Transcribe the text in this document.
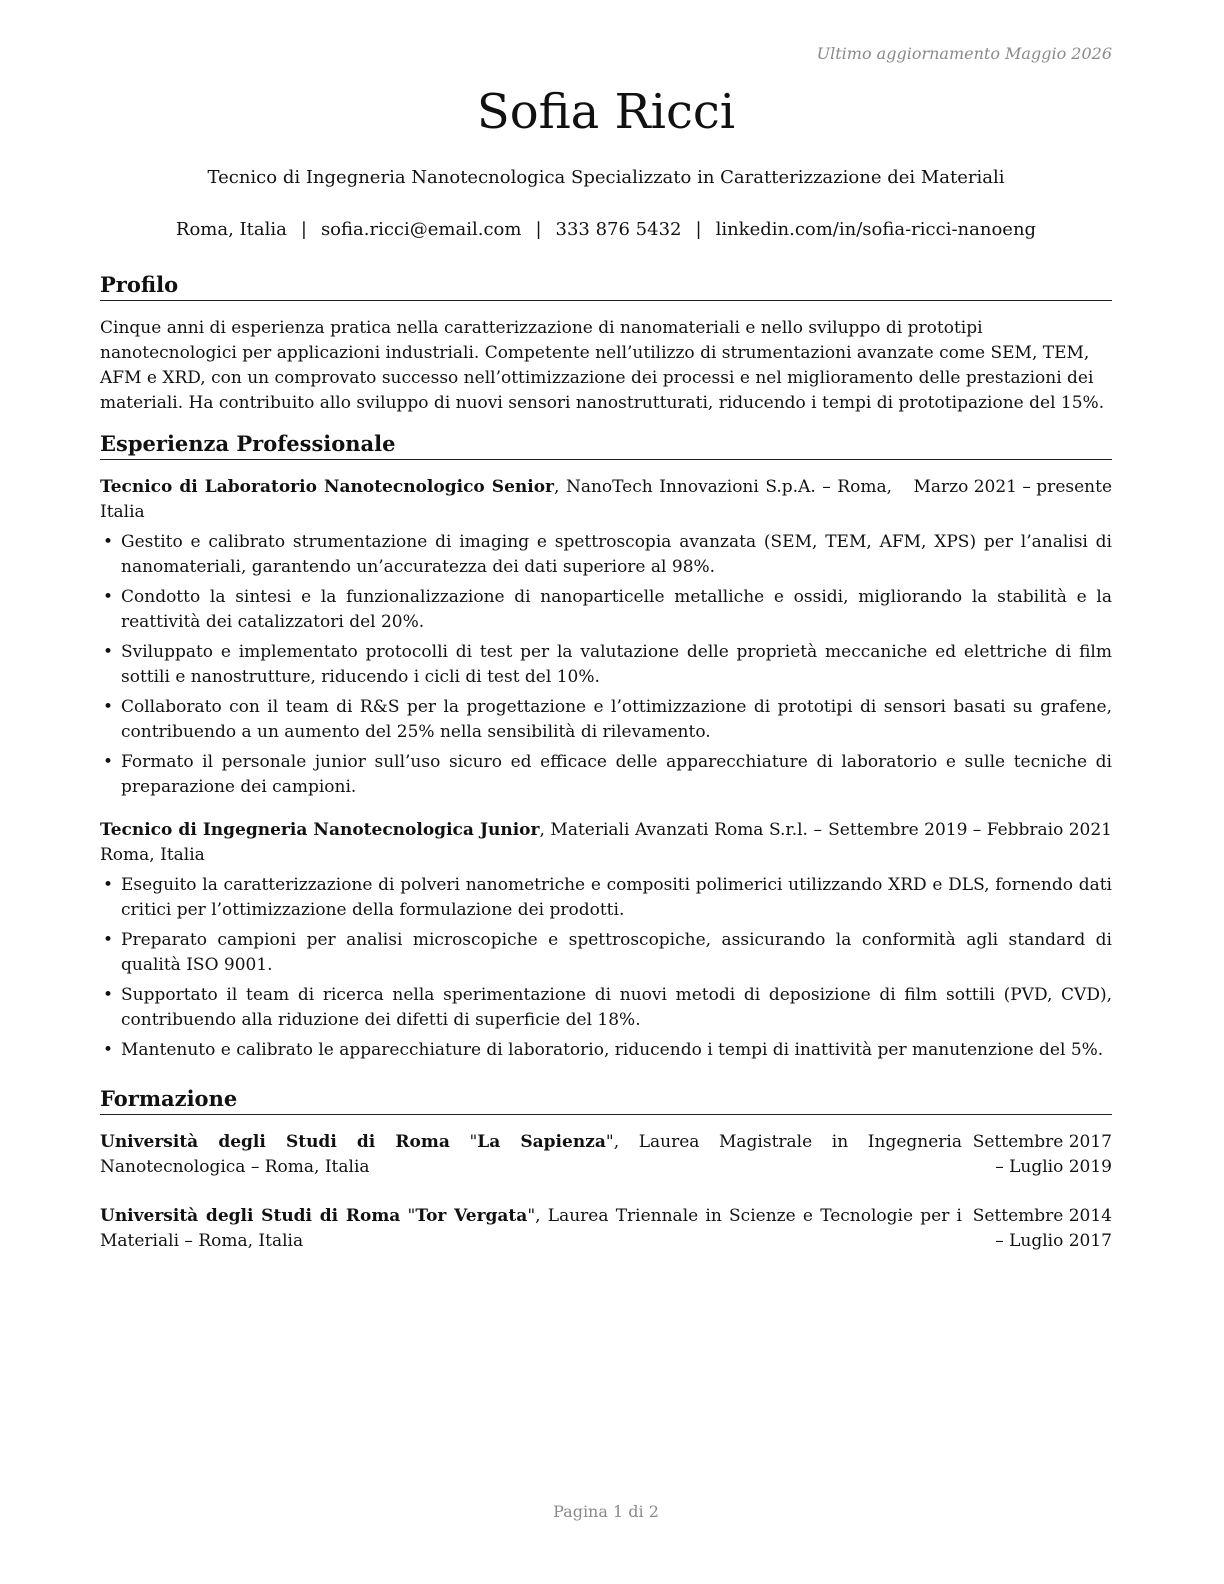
Ultimo aggiornamento Maggio 2026
Sofia Ricci
Tecnico di Ingegneria Nanotecnologica Specializzato in Caratterizzazione dei Materiali
Roma, Italia | sofia.ricci@email.com | 333 876 5432 | linkedin.com/in/sofia-ricci-nanoeng
Profilo

Cinque anni di esperienza pratica nella caratterizzazione di nanomateriali e nello sviluppo di prototipi nanotecnologici per applicazioni industriali. Competente nell’utilizzo di strumentazioni avanzate come SEM, TEM, AFM e XRD, con un comprovato successo nell’ottimizzazione dei processi e nel miglioramento delle prestazioni dei materiali. Ha contribuito allo sviluppo di nuovi sensori nanostrutturati, riducendo i tempi di prototipazione del 15%.

Esperienza Professionale
Tecnico di Laboratorio Nanotecnologico Senior, NanoTech Innovazioni S.p.A. – Roma, Italia
Marzo 2021 – presente
• Gestito e calibrato strumentazione di imaging e spettroscopia avanzata (SEM, TEM, AFM, XPS) per l’analisi di nanomateriali, garantendo un’accuratezza dei dati superiore al 98%.
• Condotto la sintesi e la funzionalizzazione di nanoparticelle metalliche e ossidi, migliorando la stabilità e la reattività dei catalizzatori del 20%.
• Sviluppato e implementato protocolli di test per la valutazione delle proprietà meccaniche ed elettriche di film sottili e nanostrutture, riducendo i cicli di test del 10%.
• Collaborato con il team di R&S per la progettazione e l’ottimizzazione di prototipi di sensori basati su grafene, contribuendo a un aumento del 25% nella sensibilità di rilevamento.
• Formato il personale junior sull’uso sicuro ed efficace delle apparecchiature di laboratorio e sulle tecniche di preparazione dei campioni.
Tecnico di Ingegneria Nanotecnologica Junior, Materiali Avanzati Roma S.r.l. – Roma, Italia
Settembre 2019 – Febbraio 2021
• Eseguito la caratterizzazione di polveri nanometriche e compositi polimerici utilizzando XRD e DLS, fornendo dati critici per l’ottimizzazione della formulazione dei prodotti.
• Preparato campioni per analisi microscopiche e spettroscopiche, assicurando la conformità agli standard di qualità ISO 9001.
• Supportato il team di ricerca nella sperimentazione di nuovi metodi di deposizione di film sottili (PVD, CVD), contribuendo alla riduzione dei difetti di superficie del 18%.
• Mantenuto e calibrato le apparecchiature di laboratorio, riducendo i tempi di inattività per manutenzione del 5%.
Formazione
Università degli Studi di Roma "La Sapienza", Laurea Magistrale in Ingegneria Nanotecnologica – Roma, Italia
Settembre 2017 – Luglio 2019
Università degli Studi di Roma "Tor Vergata", Laurea Triennale in Scienze e Tecnologie per i Materiali – Roma, Italia
Settembre 2014 – Luglio 2017
Pagina 1 di 2
